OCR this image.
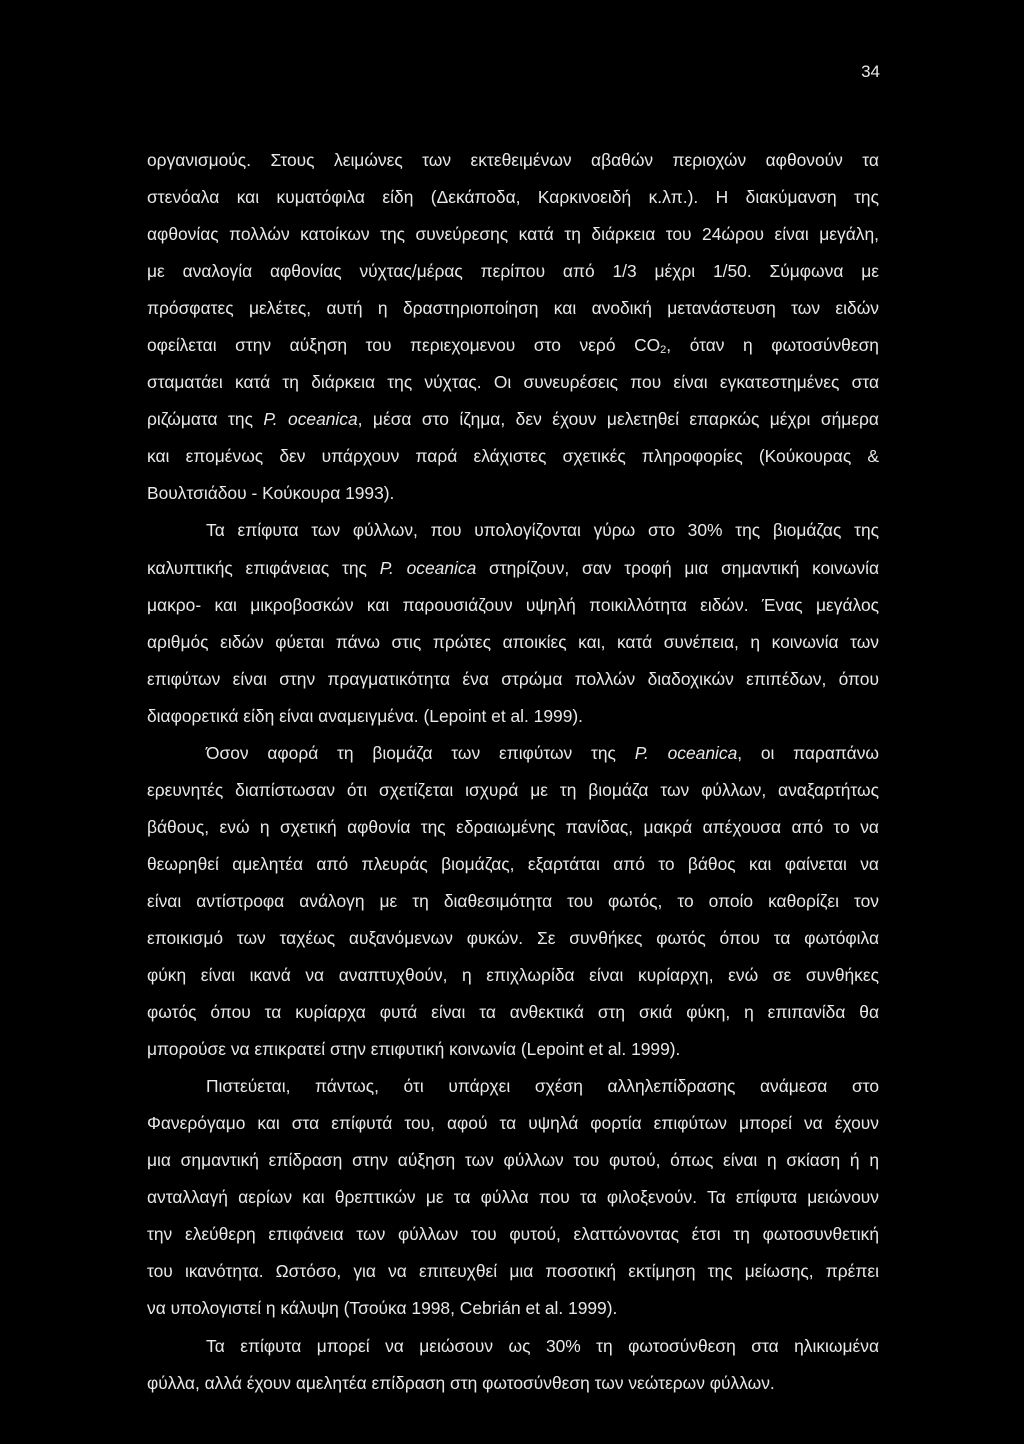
34
οργανισμούς. Στους λειμώνες των εκτεθειμένων αβαθών περιοχών αφθονούν τα
στενόαλα και κυματόφιλα είδη (Δεκάποδα, Καρκινοειδή κ.λπ.). Η διακύμανση της
αφθονίας πολλών κατοίκων της συνεύρεσης κατά τη διάρκεια του 24ώρου είναι μεγάλη,
με αναλογία αφθονίας νύχτας/μέρας περίπου από 1/3 μέχρι 1/50. Σύμφωνα με
πρόσφατες μελέτες, αυτή η δραστηριοποίηση και ανοδική μετανάστευση των ειδών
οφείλεται στην αύξηση του περιεχομενου στο νερό $CO_2$, όταν η φωτοσύνθεση
σταματάει κατά τη διάρκεια της νύχτας. Οι συνευρέσεις που είναι εγκατεστημένες στα
ριζώματα της P. oceanica, μέσα στο ίζημα, δεν έχουν μελετηθεί επαρκώς μέχρι σήμερα
και επομένως δεν υπάρχουν παρά ελάχιστες σχετικές πληροφορίες (Κούκουρας &
Βουλτσιάδου - Κούκουρα 1993).
Τα επίφυτα των φύλλων, που υπολογίζονται γύρω στο 30% της βιομάζας της
καλυπτικής επιφάνειας της P. oceanica στηρίζουν, σαν τροφή μια σημαντική κοινωνία
μακρο- και μικροβοσκών και παρουσιάζουν υψηλή ποικιλλότητα ειδών. Ένας μεγάλος
αριθμός ειδών φύεται πάνω στις πρώτες αποικίες και, κατά συνέπεια, η κοινωνία των
επιφύτων είναι στην πραγματικότητα ένα στρώμα πολλών διαδοχικών επιπέδων, όπου
διαφορετικά είδη είναι αναμειγμένα. (Lepoint et al. 1999).
Όσον αφορά τη βιομάζα των επιφύτων της P. oceanica, οι παραπάνω
ερευνητές διαπίστωσαν ότι σχετίζεται ισχυρά με τη βιομάζα των φύλλων, αναξαρτήτως
βάθους, ενώ η σχετική αφθονία της εδραιωμένης πανίδας, μακρά απέχουσα από το να
θεωρηθεί αμελητέα από πλευράς βιομάζας, εξαρτάται από το βάθος και φαίνεται να
είναι αντίστροφα ανάλογη με τη διαθεσιμότητα του φωτός, το οποίο καθορίζει τον
εποικισμό των ταχέως αυξανόμενων φυκών. Σε συνθήκες φωτός όπου τα φωτόφιλα
φύκη είναι ικανά να αναπτυχθούν, η επιχλωρίδα είναι κυρίαρχη, ενώ σε συνθήκες
φωτός όπου τα κυρίαρχα φυτά είναι τα ανθεκτικά στη σκιά φύκη, η επιπανίδα θα
μπορούσε να επικρατεί στην επιφυτική κοινωνία (Lepoint et al. 1999).
Πιστεύεται, πάντως, ότι υπάρχει σχέση αλληλεπίδρασης ανάμεσα στο
Φανερόγαμο και στα επίφυτά του, αφού τα υψηλά φορτία επιφύτων μπορεί να έχουν
μια σημαντική επίδραση στην αύξηση των φύλλων του φυτού, όπως είναι η σκίαση ή η
ανταλλαγή αερίων και θρεπτικών με τα φύλλα που τα φιλοξενούν. Τα επίφυτα μειώνουν
την ελεύθερη επιφάνεια των φύλλων του φυτού, ελαττώνοντας έτσι τη φωτοσυνθετική
του ικανότητα. Ωστόσο, για να επιτευχθεί μια ποσοτική εκτίμηση της μείωσης, πρέπει
να υπολογιστεί η κάλυψη (Τσούκα 1998, Cebrián et al. 1999).
Τα επίφυτα μπορεί να μειώσουν ως 30% τη φωτοσύνθεση στα ηλικιωμένα
φύλλα, αλλά έχουν αμελητέα επίδραση στη φωτοσύνθεση των νεώτερων φύλλων.
